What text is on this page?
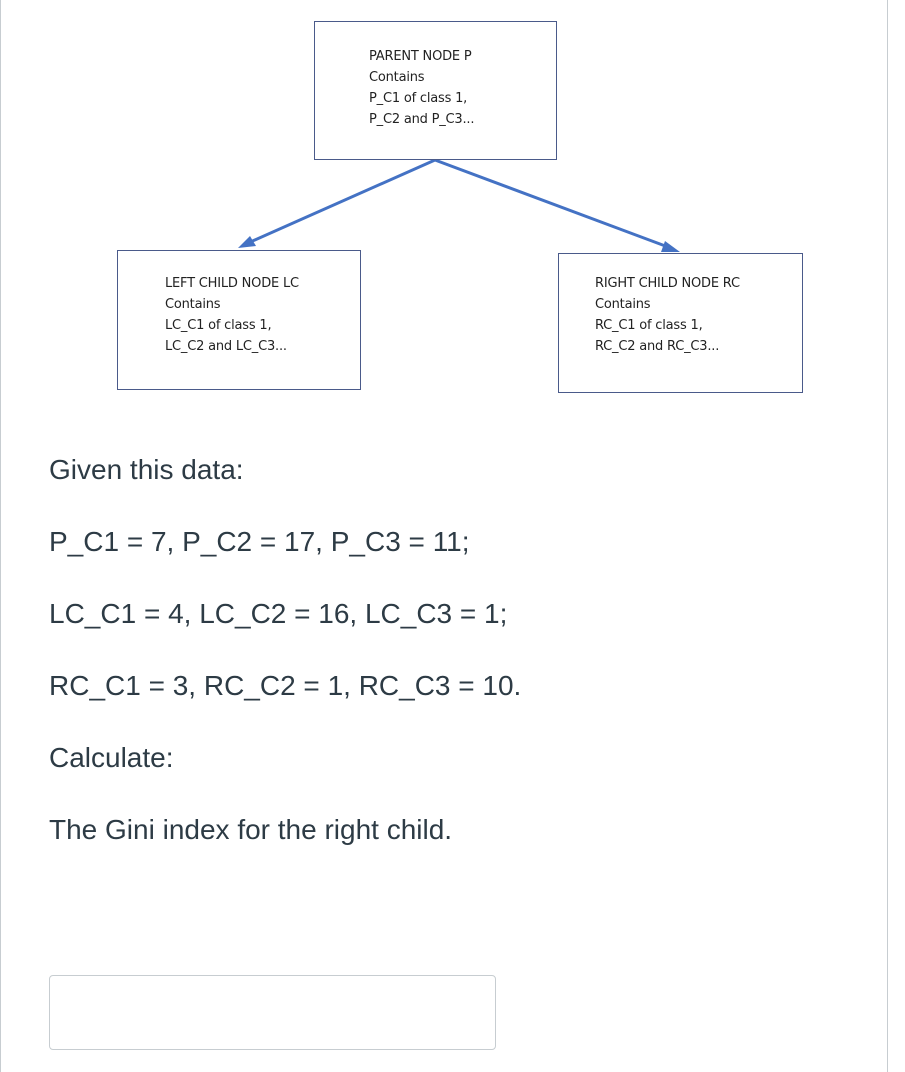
PARENT NODE P
Contains
P_C1 of class 1,
P_C2 and P_C3...
LEFT CHILD NODE LC
Contains
LC_C1 of class 1,
LC_C2 and LC_C3...
RIGHT CHILD NODE RC
Contains
RC_C1 of class 1,
RC_C2 and RC_C3...

Given this data:

P_C1 = 7, P_C2 = 17, P_C3 = 11;

LC_C1 = 4, LC_C2 = 16, LC_C3 = 1;

RC_C1 = 3, RC_C2 = 1, RC_C3 = 10.

Calculate:

The Gini index for the right child.
